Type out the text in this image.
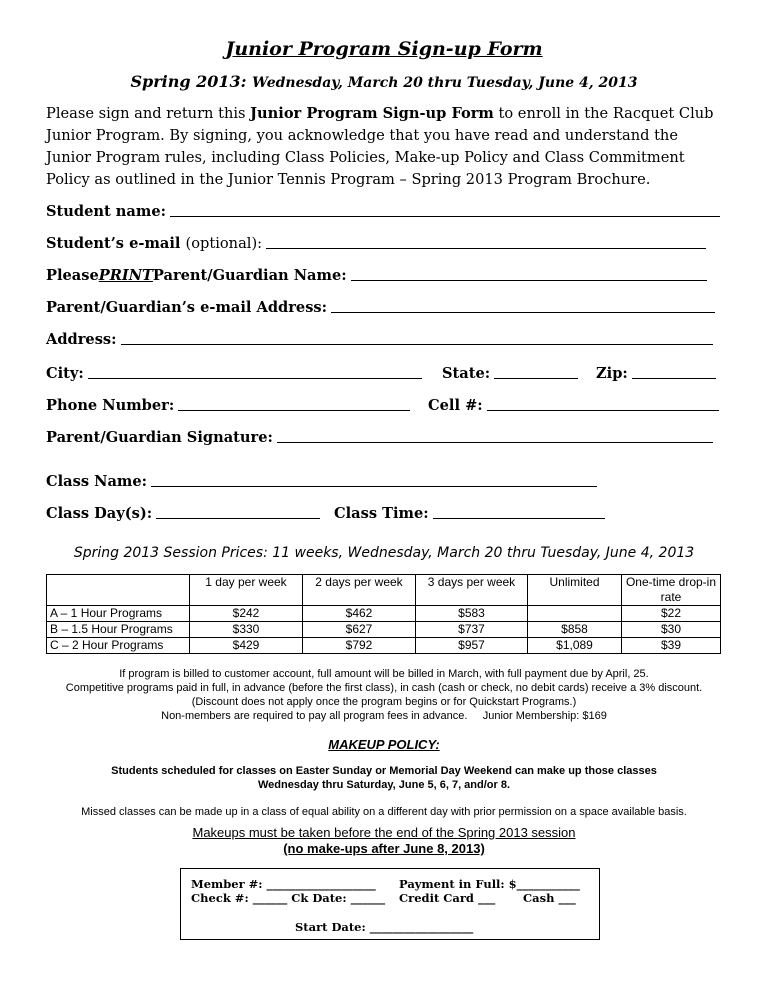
Junior Program Sign-up Form
Spring 2013: Wednesday, March 20 thru Tuesday, June 4, 2013
Please sign and return this Junior Program Sign-up Form to enroll in the Racquet Club Junior Program. By signing, you acknowledge that you have read and understand the Junior Program rules, including Class Policies, Make-up Policy and Class Commitment Policy as outlined in the Junior Tennis Program – Spring 2013 Program Brochure.
Student name:
Student’s e-mail
(optional):
Please PRINT Parent/Guardian Name:
Parent/Guardian’s e-mail Address:
Address:
City:	State:	Zip:
Phone Number:	Cell #:
Parent/Guardian Signature:
Class Name:
Class Day(s):	Class Time:
Spring 2013 Session Prices: 11 weeks, Wednesday, March 20 thru Tuesday, June 4, 2013
	1 day per week	2 days per week	3 days per week	Unlimited	One-time drop-in rate
A – 1 Hour Programs	$242	$462	$583		$22
B – 1.5 Hour Programs	$330	$627	$737	$858	$30
C – 2 Hour Programs	$429	$792	$957	$1,089	$39
If program is billed to customer account, full amount will be billed in March, with full payment due by April, 25.
Competitive programs paid in full, in advance (before the first class), in cash (cash or check, no debit cards) receive a 3% discount.
(Discount does not apply once the program begins or for Quickstart Programs.)
Non-members are required to pay all program fees in advance. Junior Membership: $169
MAKEUP POLICY:
Students scheduled for classes on Easter Sunday or Memorial Day Weekend can make up those classes
Wednesday thru Saturday, June 5, 6, 7, and/or 8.
Missed classes can be made up in a class of equal ability on a different day with prior permission on a space available basis.
Makeups must be taken before the end of the Spring 2013 session
(no make-ups after June 8, 2013)
Member #: ___________________ Payment in Full: $___________
Check #: ______ Ck Date: ______ Credit Card ___ Cash ___
Start Date: __________________
